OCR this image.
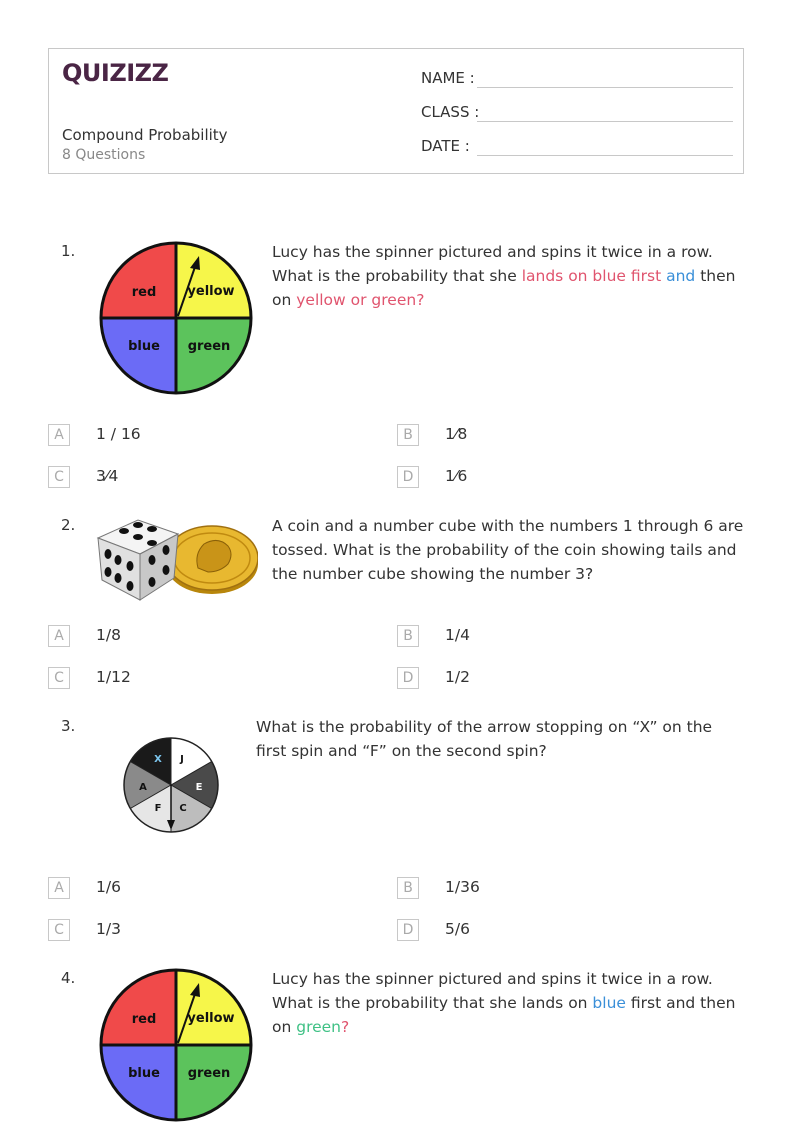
QUIZIZZ
Compound Probability
8 Questions
NAME :
CLASS :
DATE :
1.
red yellow
blue green
Lucy has the spinner pictured and spins it twice in a row. What is the probability that she lands on blue first and then on yellow or green?
A	1 / 16	B	1⁄8
C	3⁄4	D	1⁄6
2.	A coin and a number cube with the numbers 1 through 6 are tossed. What is the probability of the coin showing tails and the number cube showing the number 3?
A	1/8	B	1/4
C	1/12	D	1/2
3.
X J
E
C
F
A
What is the probability of the arrow stopping on “X” on the first spin and “F” on the second spin?
A	1/6	B	1/36
C	1/3	D	5/6
4.
red yellow
blue green
Lucy has the spinner pictured and spins it twice in a row. What is the probability that she lands on blue first and then on green?
